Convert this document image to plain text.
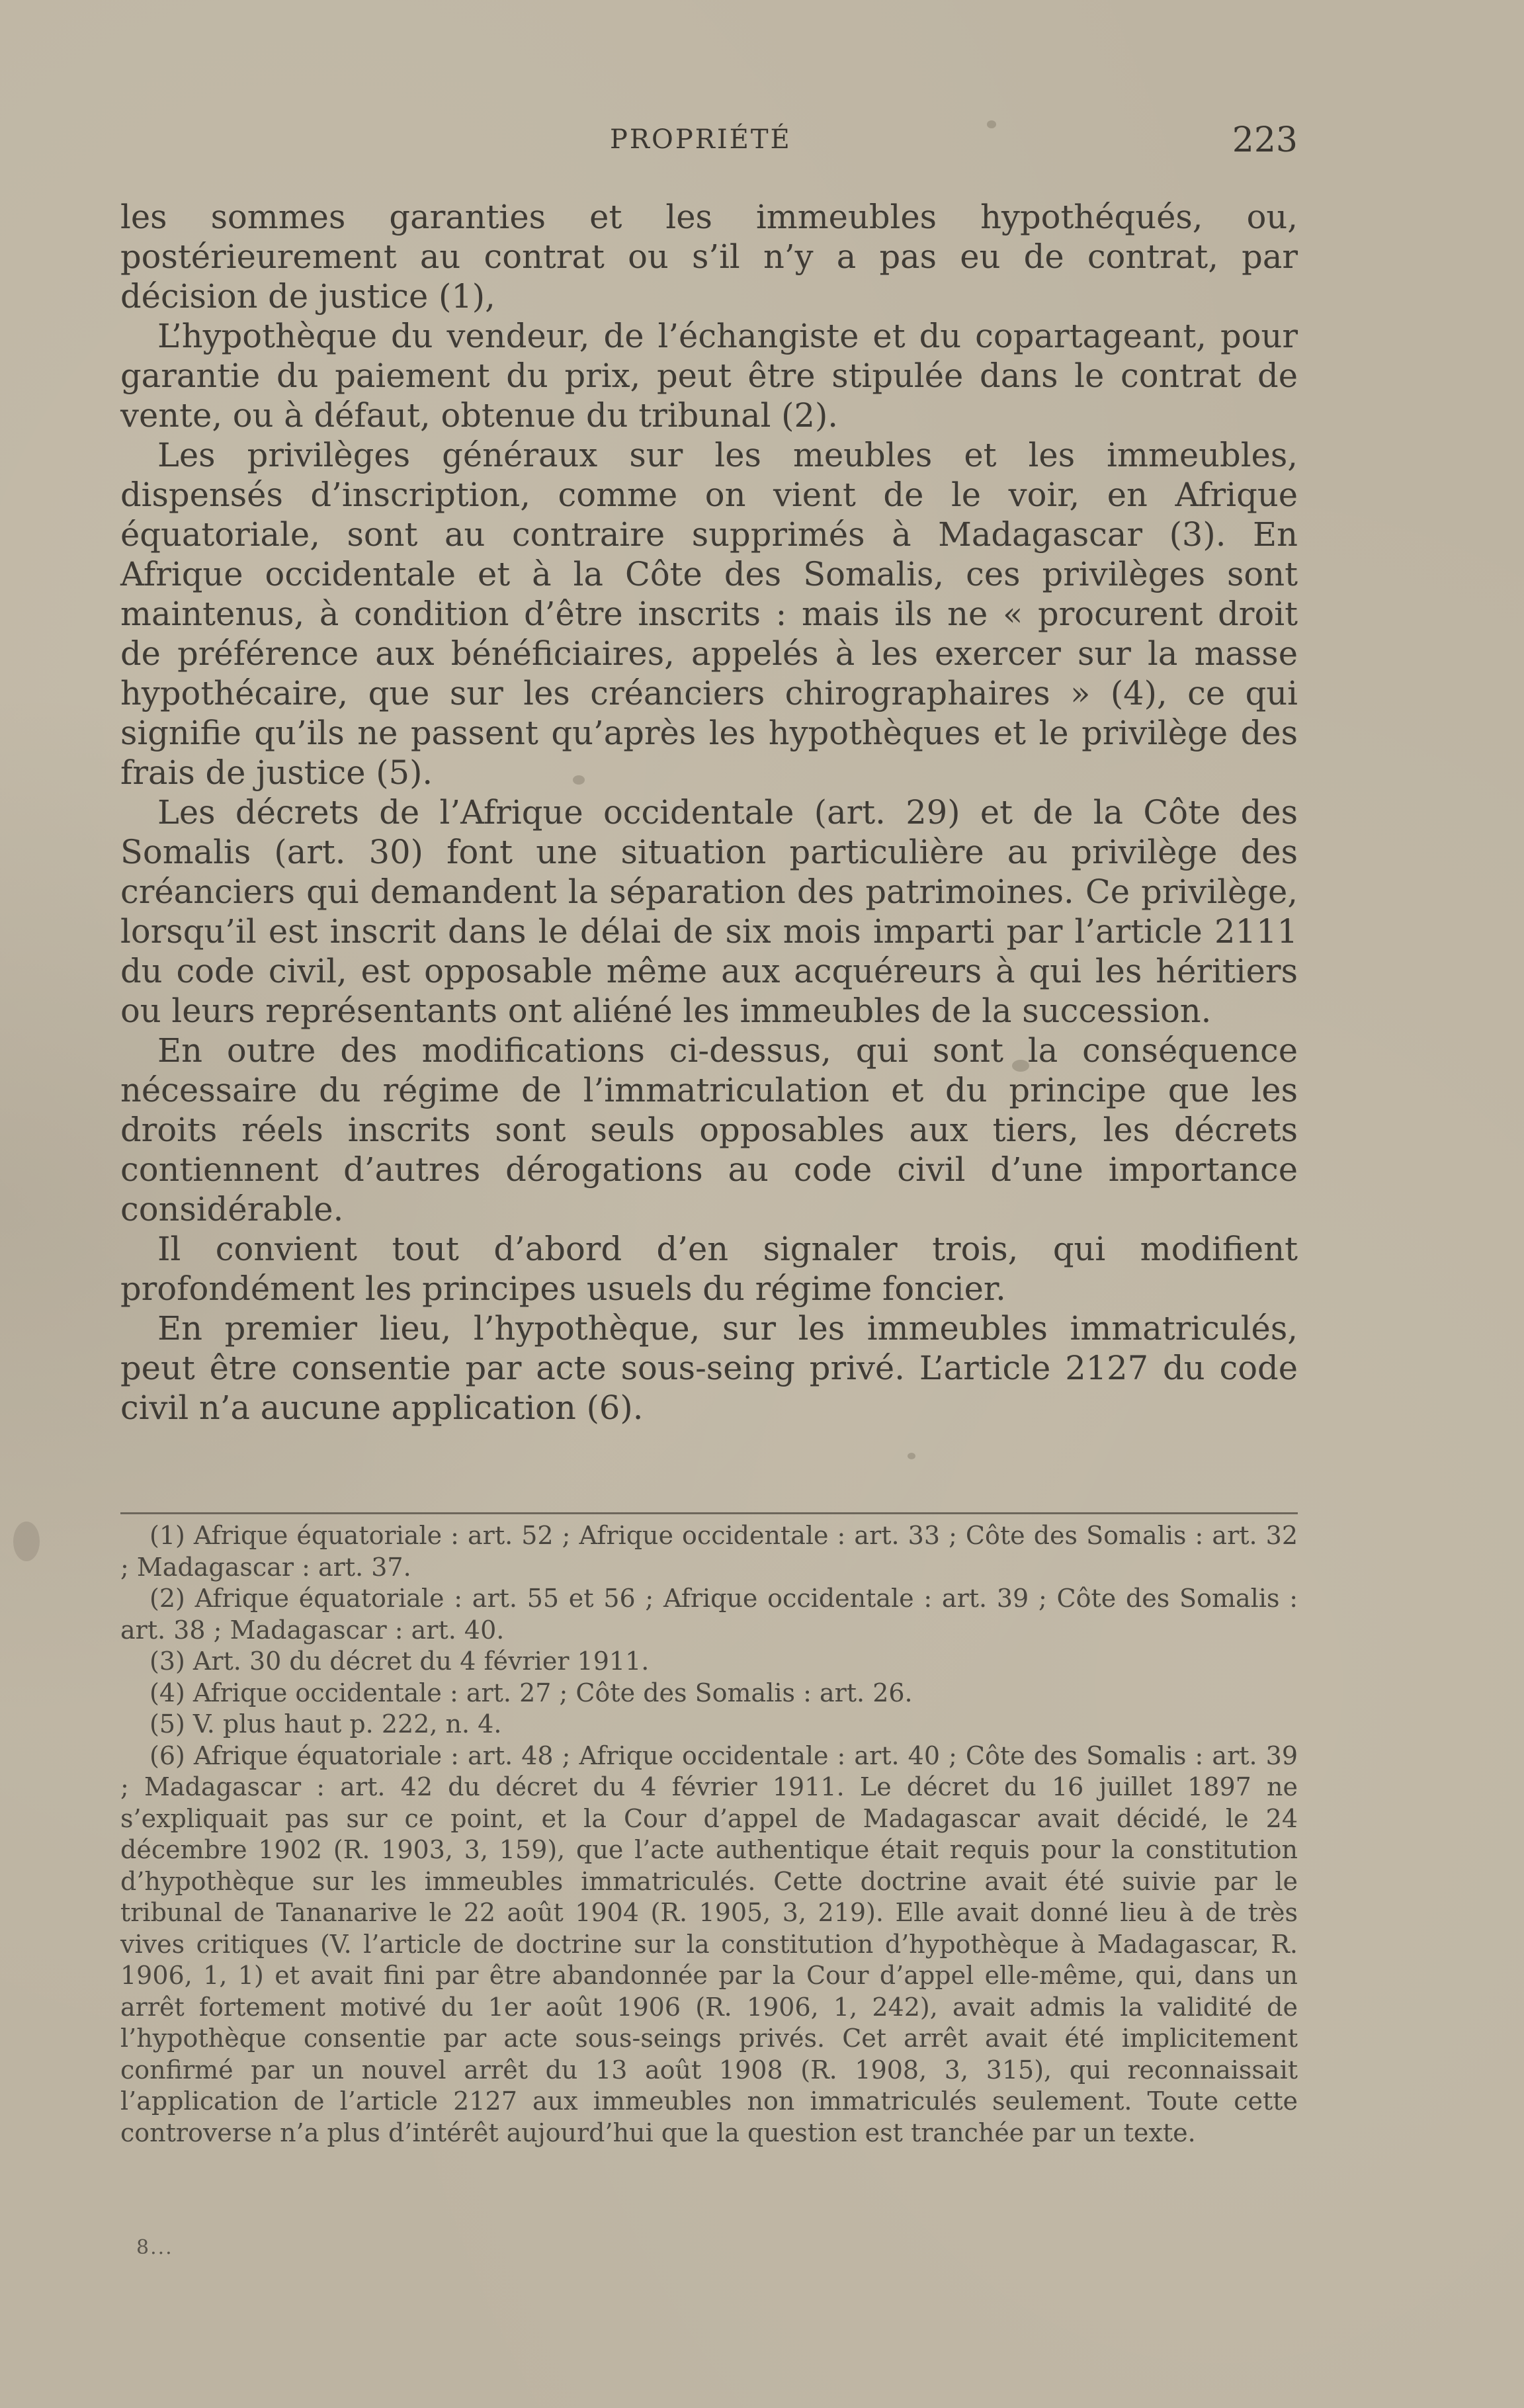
PROPRIÉTÉ	223

les sommes garanties et les immeubles hypothéqués, ou, postérieurement au contrat ou s’il n’y a pas eu de contrat, par décision de justice (1),

L’hypothèque du vendeur, de l’échangiste et du copartageant, pour garantie du paiement du prix, peut être stipulée dans le contrat de vente, ou à défaut, obtenue du tribunal (2).

Les privilèges généraux sur les meubles et les immeubles, dispensés d’inscription, comme on vient de le voir, en Afrique équatoriale, sont au contraire supprimés à Madagascar (3). En Afrique occidentale et à la Côte des Somalis, ces privilèges sont maintenus, à condition d’être inscrits : mais ils ne « procurent droit de préférence aux bénéficiaires, appelés à les exercer sur la masse hypothécaire, que sur les créanciers chirographaires » (4), ce qui signifie qu’ils ne passent qu’après les hypothèques et le privilège des frais de justice (5).

Les décrets de l’Afrique occidentale (art. 29) et de la Côte des Somalis (art. 30) font une situation particulière au privilège des créanciers qui demandent la séparation des patrimoines. Ce privilège, lorsqu’il est inscrit dans le délai de six mois imparti par l’article 2111 du code civil, est opposable même aux acquéreurs à qui les héritiers ou leurs représentants ont aliéné les immeubles de la succession.

En outre des modifications ci-dessus, qui sont la conséquence nécessaire du régime de l’immatriculation et du principe que les droits réels inscrits sont seuls opposables aux tiers, les décrets contiennent d’autres dérogations au code civil d’une importance considérable.

Il convient tout d’abord d’en signaler trois, qui modifient profondément les principes usuels du régime foncier.

En premier lieu, l’hypothèque, sur les immeubles immatriculés, peut être consentie par acte sous-seing privé. L’article 2127 du code civil n’a aucune application (6).

(1) Afrique équatoriale : art. 52 ; Afrique occidentale : art. 33 ; Côte des Somalis : art. 32 ; Madagascar : art. 37.

(2) Afrique équatoriale : art. 55 et 56 ; Afrique occidentale : art. 39 ; Côte des Somalis : art. 38 ; Madagascar : art. 40.

(3) Art. 30 du décret du 4 février 1911.

(4) Afrique occidentale : art. 27 ; Côte des Somalis : art. 26.

(5) V. plus haut p. 222, n. 4.

(6) Afrique équatoriale : art. 48 ; Afrique occidentale : art. 40 ; Côte des Somalis : art. 39 ; Madagascar : art. 42 du décret du 4 février 1911. Le décret du 16 juillet 1897 ne s’expliquait pas sur ce point, et la Cour d’appel de Madagascar avait décidé, le 24 décembre 1902 (R. 1903, 3, 159), que l’acte authentique était requis pour la constitution d’hypothèque sur les immeubles immatriculés. Cette doctrine avait été suivie par le tribunal de Tananarive le 22 août 1904 (R. 1905, 3, 219). Elle avait donné lieu à de très vives critiques (V. l’article de doctrine sur la constitution d’hypothèque à Madagascar, R. 1906, 1, 1) et avait fini par être abandonnée par la Cour d’appel elle-même, qui, dans un arrêt fortement motivé du 1er août 1906 (R. 1906, 1, 242), avait admis la validité de l’hypothèque consentie par acte sous-seings privés. Cet arrêt avait été implicitement confirmé par un nouvel arrêt du 13 août 1908 (R. 1908, 3, 315), qui reconnaissait l’application de l’article 2127 aux immeubles non immatriculés seulement. Toute cette controverse n’a plus d’intérêt aujourd’hui que la question est tranchée par un texte.

8...
